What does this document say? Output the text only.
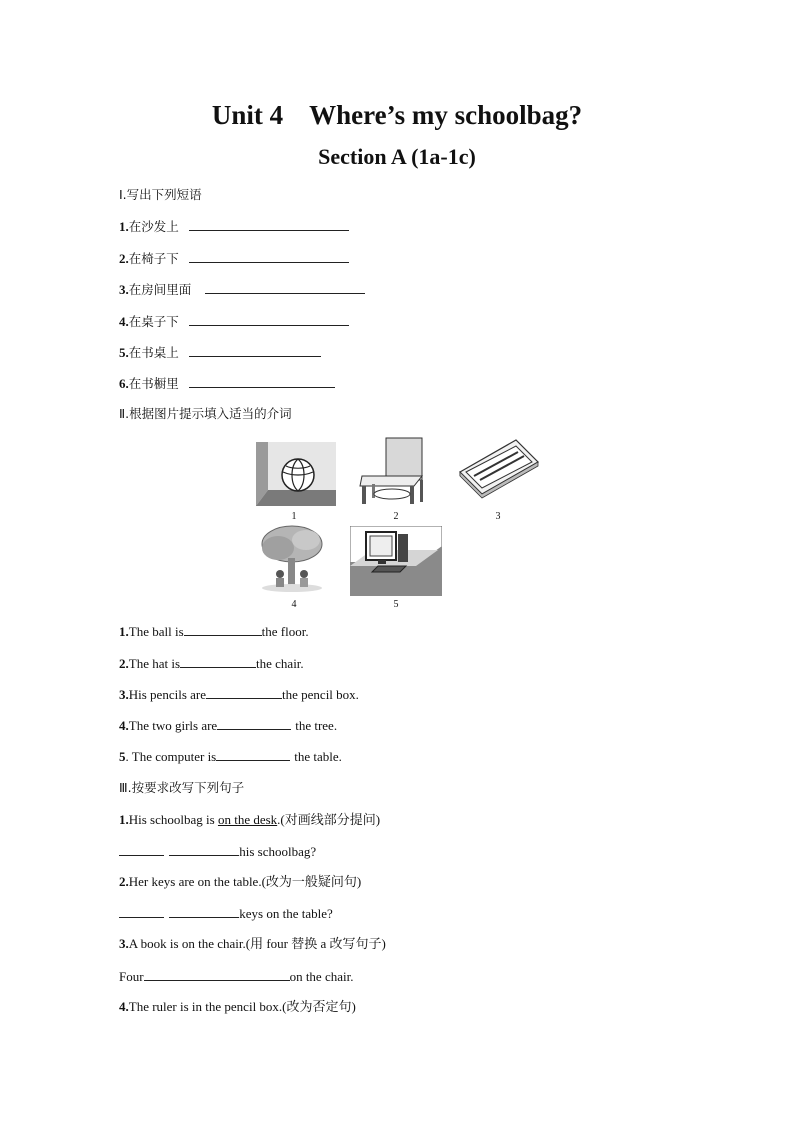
Unit 4 Where’s my schoolbag?
Section A (1a-1c)
Ⅰ.写出下列短语
1.在沙发上
2.在椅子下
3.在房间里面
4.在桌子下
5.在书桌上
6.在书橱里
Ⅱ.根据图片提示填入适当的介词
1	2	3
4	5
1.The ball is	the floor.
2.The hat is	the chair.
3.His pencils are	the pencil box.
4.The two girls are	the tree.
5. The computer is	the table.
Ⅲ.按要求改写下列句子
1.His schoolbag is on the desk.(对画线部分提问)
his schoolbag?
2.Her keys are on the table.(改为一般疑问句)
keys on the table?
3.A book is on the chair.(用 four 替换 a 改写句子)
Four	on the chair.
4.The ruler is in the pencil box.(改为否定句)
